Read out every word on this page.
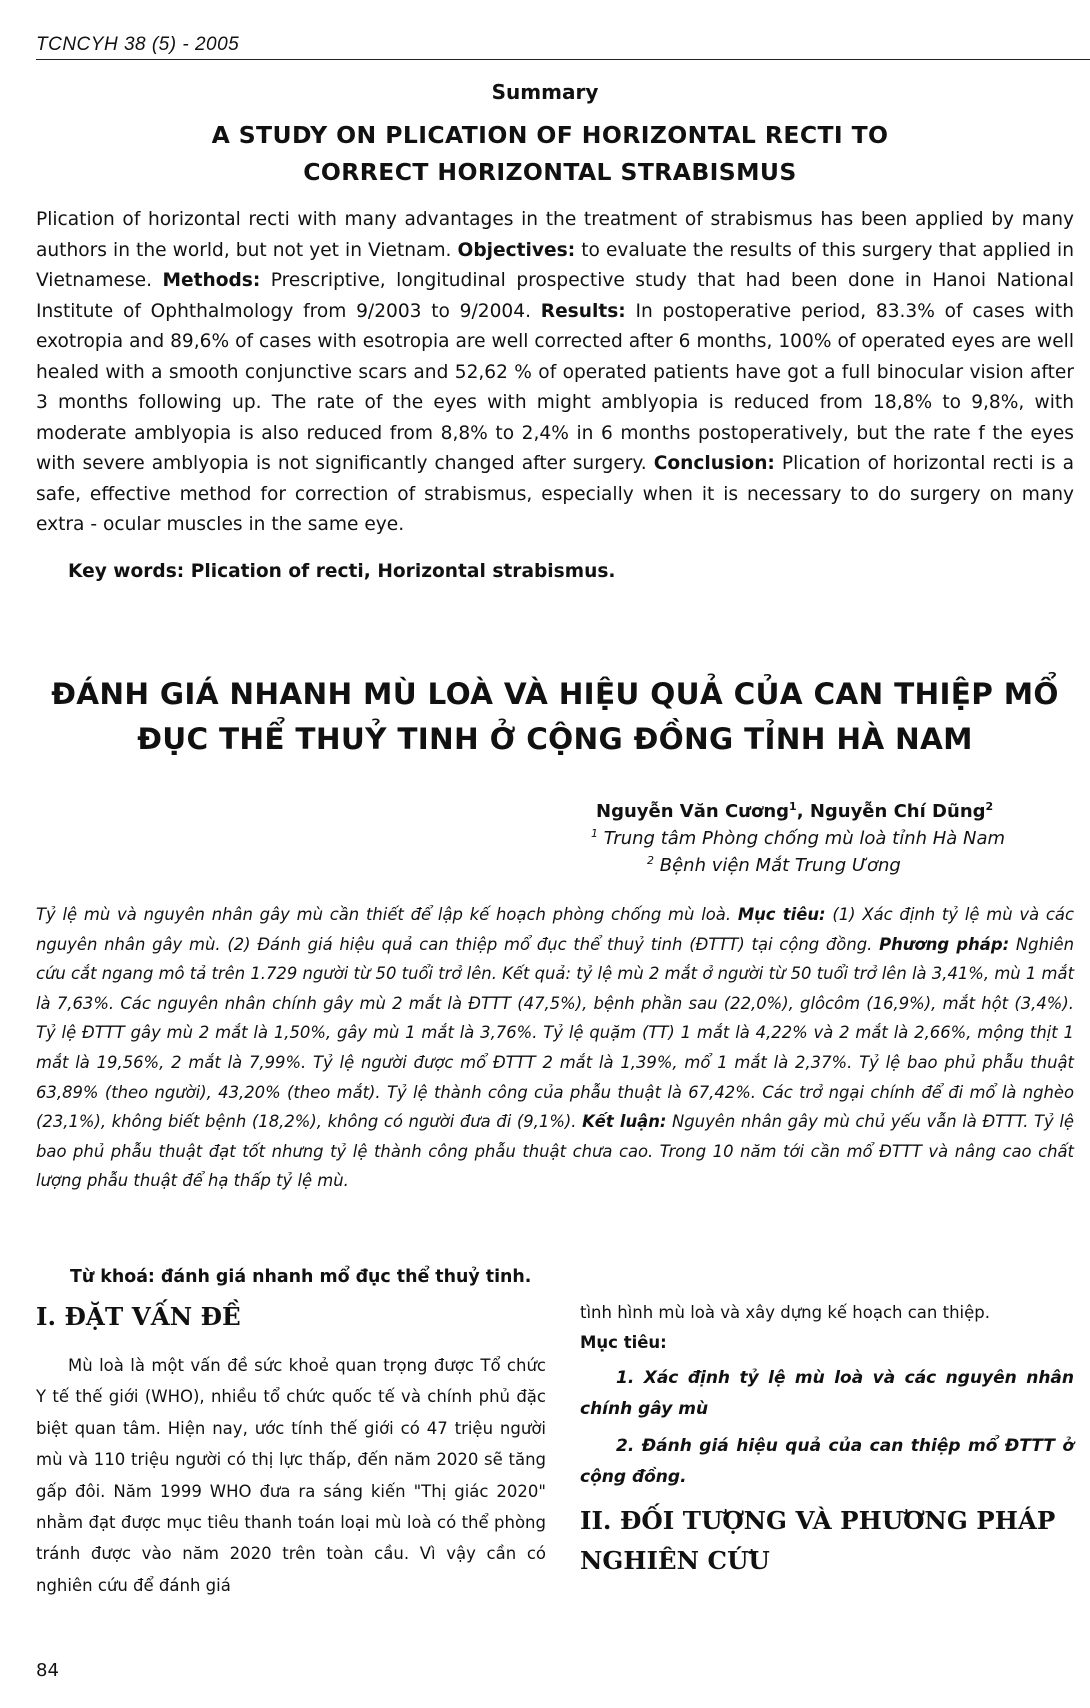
TCNCYH 38 (5) - 2005
Summary
A STUDY ON PLICATION OF HORIZONTAL RECTI TO
CORRECT HORIZONTAL STRABISMUS
Plication of horizontal recti with many advantages in the treatment of strabismus has been applied by many authors in the world, but not yet in Vietnam. Objectives: to evaluate the results of this surgery that applied in Vietnamese. Methods: Prescriptive, longitudinal prospective study that had been done in Hanoi National Institute of Ophthalmology from 9/2003 to 9/2004. Results: In postoperative period, 83.3% of cases with exotropia and 89,6% of cases with esotropia are well corrected after 6 months, 100% of operated eyes are well healed with a smooth conjunctive scars and 52,62 % of operated patients have got a full binocular vision after 3 months following up. The rate of the eyes with might amblyopia is reduced from 18,8% to 9,8%, with moderate amblyopia is also reduced from 8,8% to 2,4% in 6 months postoperatively, but the rate f the eyes with severe amblyopia is not significantly changed after surgery. Conclusion: Plication of horizontal recti is a safe, effective method for correction of strabismus, especially when it is necessary to do surgery on many extra - ocular muscles in the same eye.
Key words: Plication of recti, Horizontal strabismus.
ĐÁNH GIÁ NHANH MÙ LOÀ VÀ HIỆU QUẢ CỦA CAN THIỆP MỔ
ĐỤC THỂ THUỶ TINH Ở CỘNG ĐỒNG TỈNH HÀ NAM
Nguyễn Văn Cương$^1$, Nguyễn Chí Dũng$^2$
$^1$ Trung tâm Phòng chống mù loà tỉnh Hà Nam
$^2$ Bệnh viện Mắt Trung Ương
Tỷ lệ mù và nguyên nhân gây mù cần thiết để lập kế hoạch phòng chống mù loà. Mục tiêu: (1) Xác định tỷ lệ mù và các nguyên nhân gây mù. (2) Đánh giá hiệu quả can thiệp mổ đục thể thuỷ tinh (ĐTTT) tại cộng đồng. Phương pháp: Nghiên cứu cắt ngang mô tả trên 1.729 người từ 50 tuổi trở lên. Kết quả: tỷ lệ mù 2 mắt ở người từ 50 tuổi trở lên là 3,41%, mù 1 mắt là 7,63%. Các nguyên nhân chính gây mù 2 mắt là ĐTTT (47,5%), bệnh phần sau (22,0%), glôcôm (16,9%), mắt hột (3,4%). Tỷ lệ ĐTTT gây mù 2 mắt là 1,50%, gây mù 1 mắt là 3,76%. Tỷ lệ quặm (TT) 1 mắt là 4,22% và 2 mắt là 2,66%, mộng thịt 1 mắt là 19,56%, 2 mắt là 7,99%. Tỷ lệ người được mổ ĐTTT 2 mắt là 1,39%, mổ 1 mắt là 2,37%. Tỷ lệ bao phủ phẫu thuật 63,89% (theo người), 43,20% (theo mắt). Tỷ lệ thành công của phẫu thuật là 67,42%. Các trở ngại chính để đi mổ là nghèo (23,1%), không biết bệnh (18,2%), không có người đưa đi (9,1%). Kết luận: Nguyên nhân gây mù chủ yếu vẫn là ĐTTT. Tỷ lệ bao phủ phẫu thuật đạt tốt nhưng tỷ lệ thành công phẫu thuật chưa cao. Trong 10 năm tới cần mổ ĐTTT và nâng cao chất lượng phẫu thuật để hạ thấp tỷ lệ mù.
Từ khoá: đánh giá nhanh mổ đục thể thuỷ tinh.
I. ĐẶT VẤN ĐỀ

Mù loà là một vấn đề sức khoẻ quan trọng được Tổ chức Y tế thế giới (WHO), nhiều tổ chức quốc tế và chính phủ đặc biệt quan tâm. Hiện nay, ước tính thế giới có 47 triệu người mù và 110 triệu người có thị lực thấp, đến năm 2020 sẽ tăng gấp đôi. Năm 1999 WHO đưa ra sáng kiến "Thị giác 2020" nhằm đạt được mục tiêu thanh toán loại mù loà có thể phòng tránh được vào năm 2020 trên toàn cầu. Vì vậy cần có nghiên cứu để đánh giá

tình hình mù loà và xây dựng kế hoạch can thiệp.

Mục tiêu:

1. Xác định tỷ lệ mù loà và các nguyên nhân chính gây mù

2. Đánh giá hiệu quả của can thiệp mổ ĐTTT ở cộng đồng.

II. ĐỐI TƯỢNG VÀ PHƯƠNG PHÁP NGHIÊN CỨU
84
